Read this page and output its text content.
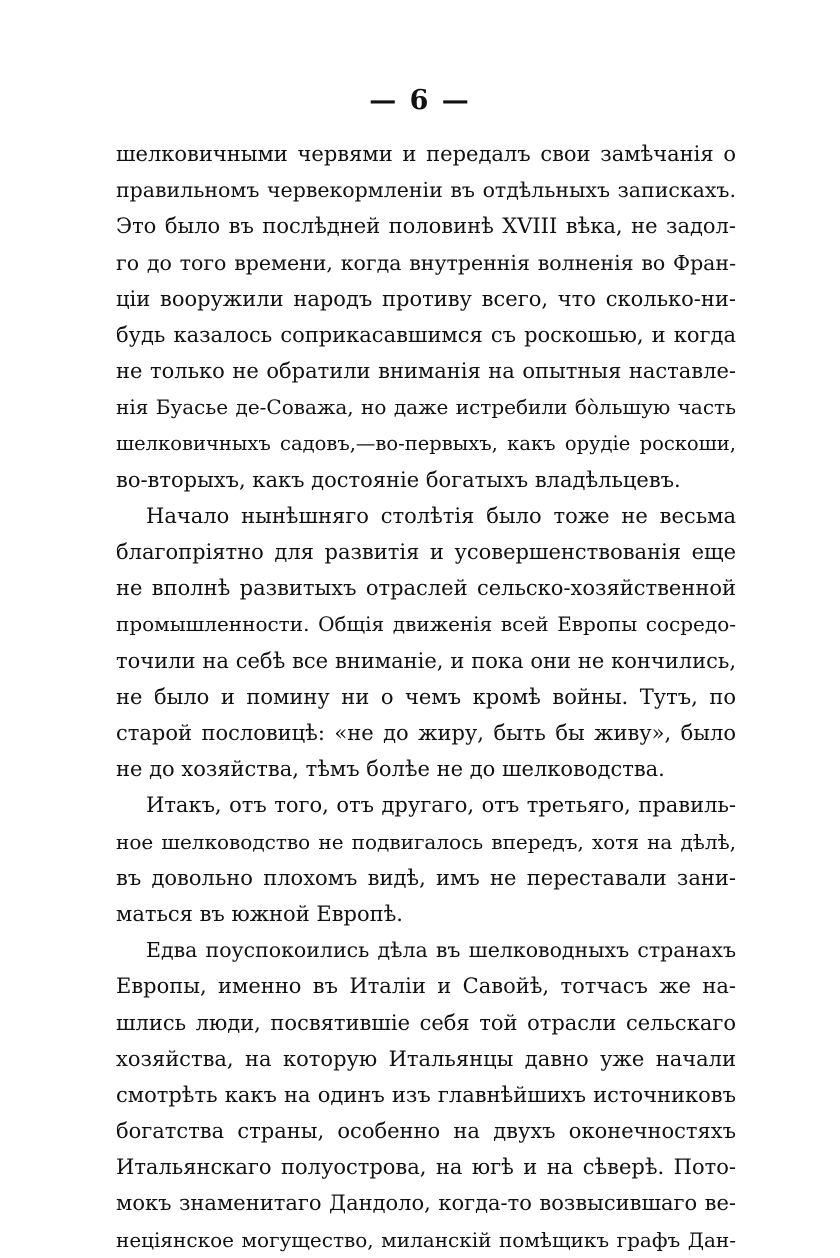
— 6 —
шелковичными червями и передалъ свои замѣчанія о
правильномъ червекормленіи въ отдѣльныхъ запискахъ.
Это было въ послѣдней половинѣ XVIII вѣка, не задол-
го до того времени, когда внутреннія волненія во Фран-
ціи вооружили народъ противу всего, что сколько-ни-
будь казалось соприкасавшимся съ роскошью, и когда
не только не обратили вниманія на опытныя наставле-
нія Буасье де-Соважа, но даже истребили бо̀льшую часть
шелковичныхъ садовъ,—во-первыхъ, какъ орудіе роскоши,
во-вторыхъ, какъ достояніе богатыхъ владѣльцевъ.
Начало нынѣшняго столѣтія было тоже не весьма
благопріятно для развитія и усовершенствованія еще
не вполнѣ развитыхъ отраслей сельско-хозяйственной
промышленности. Общія движенія всей Европы сосредо-
точили на себѣ все вниманіе, и пока они не кончились,
не было и помину ни о чемъ кромѣ войны. Тутъ, по
старой пословицѣ: «не до жиру, быть бы живу», было
не до хозяйства, тѣмъ болѣе не до шелководства.
Итакъ, отъ того, отъ другаго, отъ третьяго, правиль-
ное шелководство не подвигалось впередъ, хотя на дѣлѣ,
въ довольно плохомъ видѣ, имъ не переставали зани-
маться въ южной Европѣ.
Едва поуспокоились дѣла въ шелководныхъ странахъ
Европы, именно въ Италіи и Савойѣ, тотчасъ же на-
шлись люди, посвятившіе себя той отрасли сельскаго
хозяйства, на которую Итальянцы давно уже начали
смотрѣть какъ на одинъ изъ главнѣйшихъ источниковъ
богатства страны, особенно на двухъ оконечностяхъ
Итальянскаго полуострова, на югѣ и на сѣверѣ. Пото-
мокъ знаменитаго Дандоло, когда-то возвысившаго ве-
неціянское могущество, миланскій помѣщикъ графъ Дан-
